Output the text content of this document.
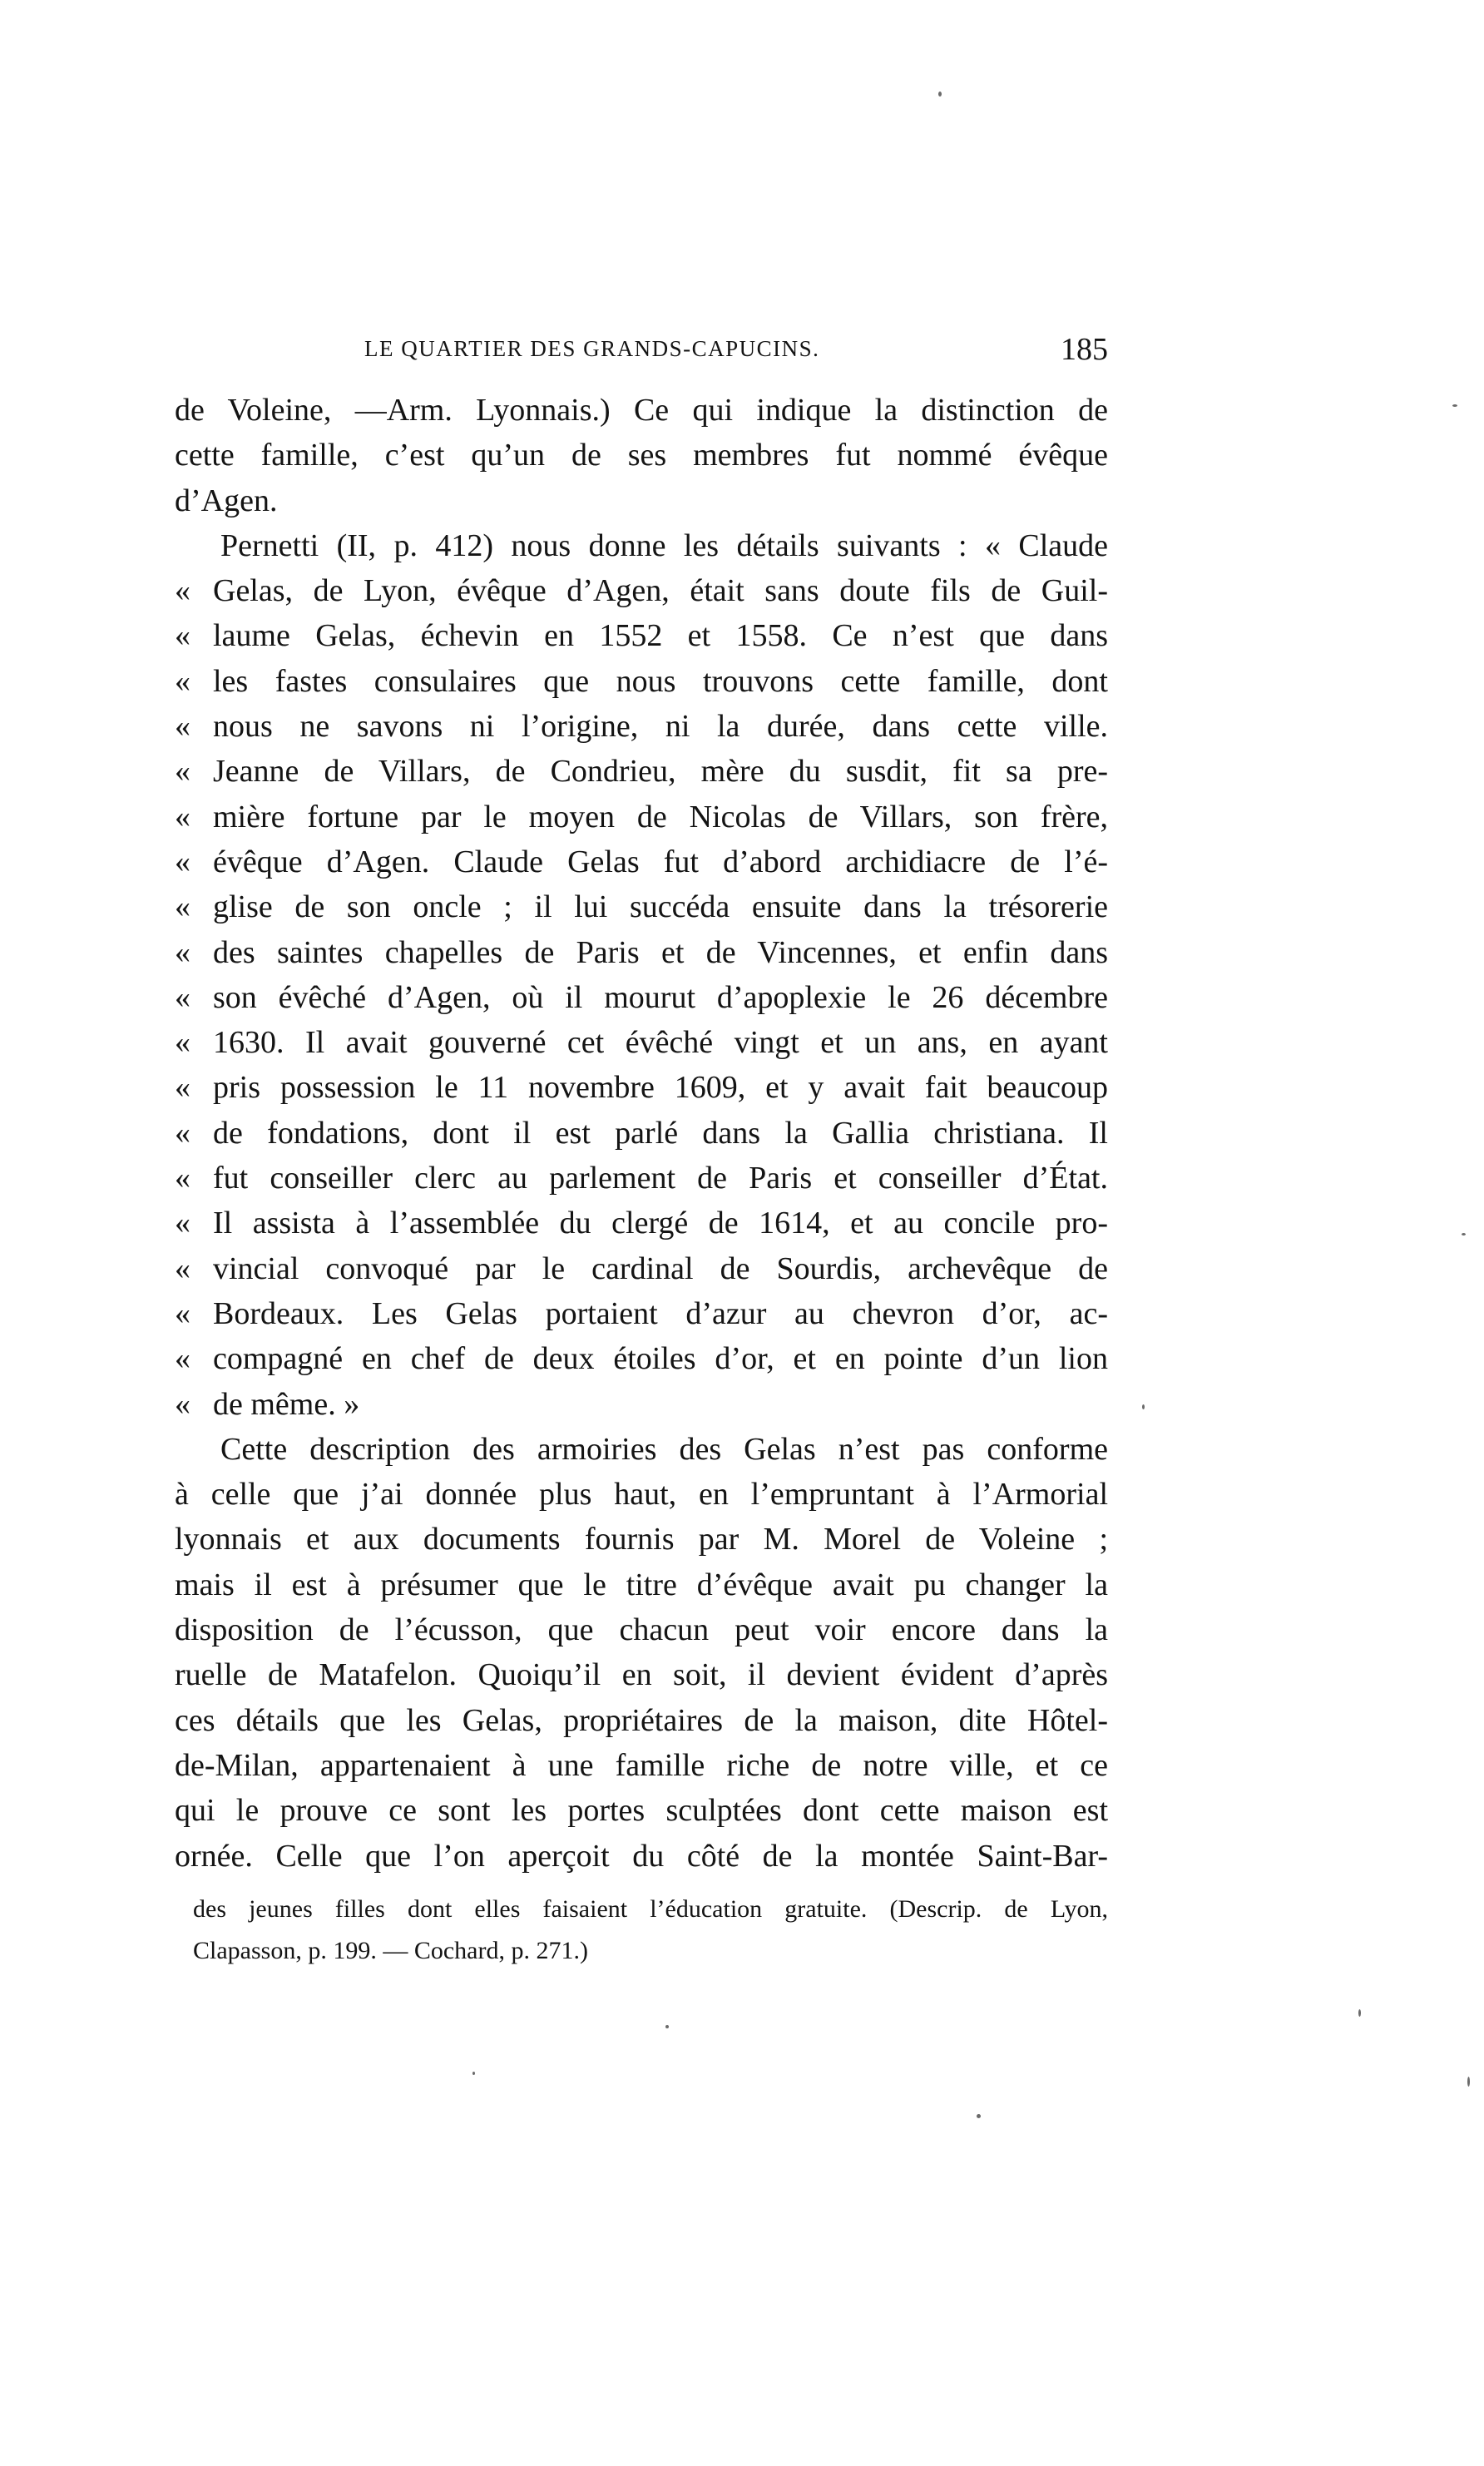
LE QUARTIER DES GRANDS-CAPUCINS.	185
de Voleine, —Arm. Lyonnais.) Ce qui indique la distinction de
cette famille, c’est qu’un de ses membres fut nommé évêque
d’Agen.
Pernetti (II, p. 412) nous donne les détails suivants : « Claude
« Gelas, de Lyon, évêque d’Agen, était sans doute fils de Guil-
« laume Gelas, échevin en 1552 et 1558. Ce n’est que dans
« les fastes consulaires que nous trouvons cette famille, dont
« nous ne savons ni l’origine, ni la durée, dans cette ville.
« Jeanne de Villars, de Condrieu, mère du susdit, fit sa pre-
« mière fortune par le moyen de Nicolas de Villars, son frère,
« évêque d’Agen. Claude Gelas fut d’abord archidiacre de l’é-
« glise de son oncle ; il lui succéda ensuite dans la trésorerie
« des saintes chapelles de Paris et de Vincennes, et enfin dans
« son évêché d’Agen, où il mourut d’apoplexie le 26 décembre
« 1630. Il avait gouverné cet évêché vingt et un ans, en ayant
« pris possession le 11 novembre 1609, et y avait fait beaucoup
« de fondations, dont il est parlé dans la Gallia christiana. Il
« fut conseiller clerc au parlement de Paris et conseiller d’État.
« Il assista à l’assemblée du clergé de 1614, et au concile pro-
« vincial convoqué par le cardinal de Sourdis, archevêque de
« Bordeaux. Les Gelas portaient d’azur au chevron d’or, ac-
« compagné en chef de deux étoiles d’or, et en pointe d’un lion
« de même. »
Cette description des armoiries des Gelas n’est pas conforme
à celle que j’ai donnée plus haut, en l’empruntant à l’Armorial
lyonnais et aux documents fournis par M. Morel de Voleine ;
mais il est à présumer que le titre d’évêque avait pu changer la
disposition de l’écusson, que chacun peut voir encore dans la
ruelle de Matafelon. Quoiqu’il en soit, il devient évident d’après
ces détails que les Gelas, propriétaires de la maison, dite Hôtel-
de-Milan, appartenaient à une famille riche de notre ville, et ce
qui le prouve ce sont les portes sculptées dont cette maison est
ornée. Celle que l’on aperçoit du côté de la montée Saint-Bar-
des jeunes filles dont elles faisaient l’éducation gratuite. (Descrip. de Lyon,
Clapasson, p. 199. — Cochard, p. 271.)
